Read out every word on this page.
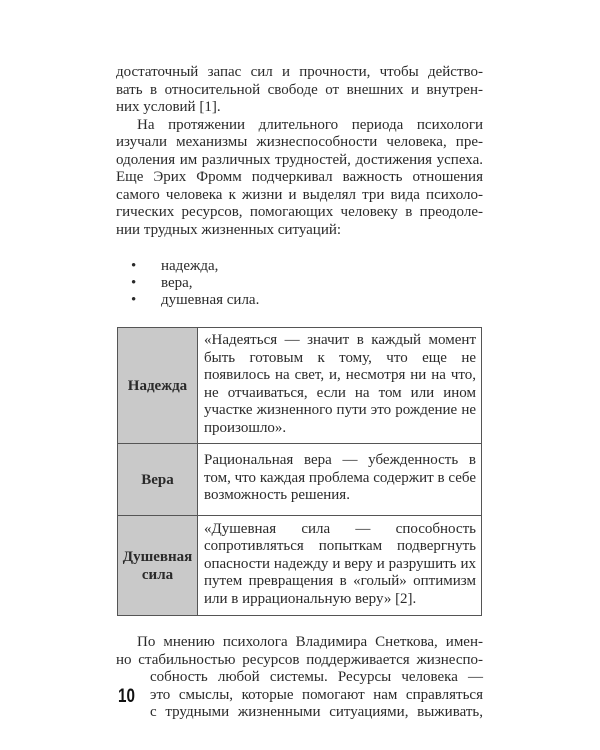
достаточный запас сил и прочности, чтобы действо-
вать в относительной свободе от внешних и внутрен-
них условий [1].
На протяжении длительного периода психологи
изучали механизмы жизнеспособности человека, пре-
одоления им различных трудностей, достижения успеха.
Еще Эрих Фромм подчеркивал важность отношения
самого человека к жизни и выделял три вида психоло-
гических ресурсов, помогающих человеку в преодоле-
нии трудных жизненных ситуаций:
• надежда,
• вера,
• душевная сила.
Надежда	«Надеяться — значит в каждый момент быть готовым к тому, что еще не появилось на свет, и, несмотря ни на что, не отчаиваться, если на том или ином участке жизненного пути это рождение не произошло».
Вера	Рациональная вера — убежденность в том, что каждая проблема содержит в себе возможность решения.
Душевная сила	«Душевная сила — способность сопротивляться попыткам подвергнуть опасности надежду и веру и разрушить их путем превращения в «голый» оптимизм или в иррациональную веру» [2].
По мнению психолога Владимира Снеткова, имен-
но стабильностью ресурсов поддерживается жизнеспо-
собность любой системы. Ресурсы человека —
это смыслы, которые помогают нам справляться
с трудными жизненными ситуациями, выживать,
10
